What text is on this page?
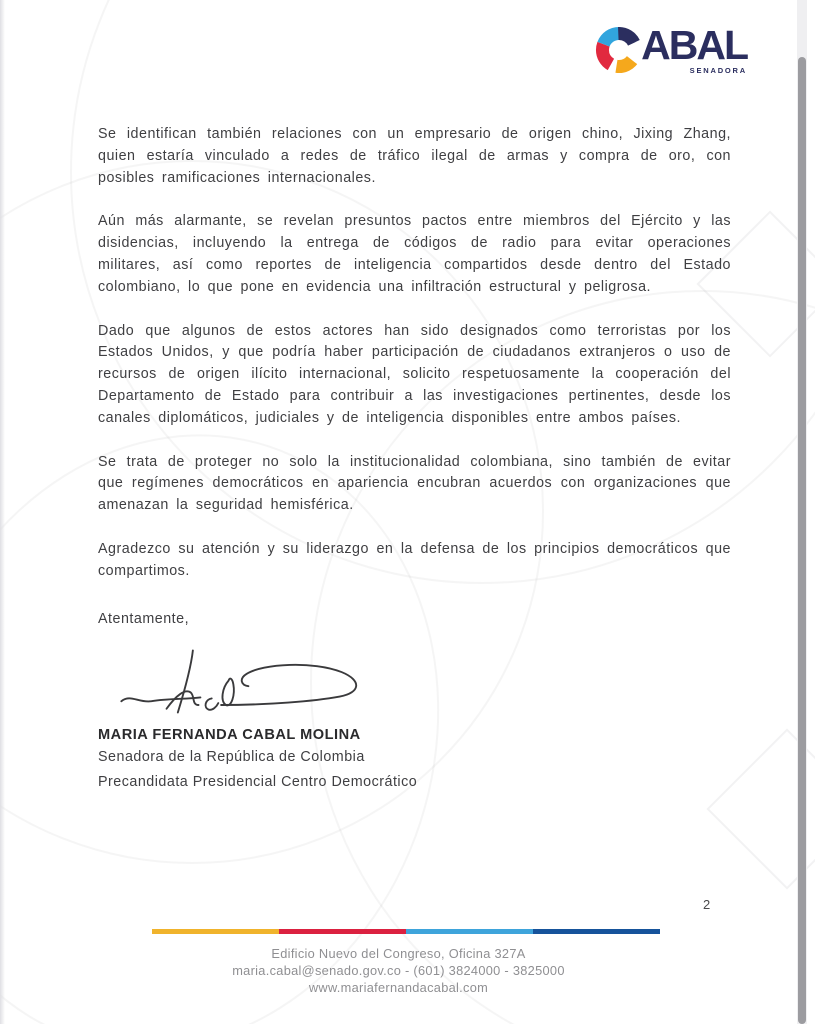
ABAL
SENADORA

Se identifican también relaciones con un empresario de origen chino, Jixing Zhang, quien estaría vinculado a redes de tráfico ilegal de armas y compra de oro, con posibles ramificaciones internacionales.

Aún más alarmante, se revelan presuntos pactos entre miembros del Ejército y las disidencias, incluyendo la entrega de códigos de radio para evitar operaciones militares, así como reportes de inteligencia compartidos desde dentro del Estado colombiano, lo que pone en evidencia una infiltración estructural y peligrosa.

Dado que algunos de estos actores han sido designados como terroristas por los Estados Unidos, y que podría haber participación de ciudadanos extranjeros o uso de recursos de origen ilícito internacional, solicito respetuosamente la cooperación del Departamento de Estado para contribuir a las investigaciones pertinentes, desde los canales diplomáticos, judiciales y de inteligencia disponibles entre ambos países.

Se trata de proteger no solo la institucionalidad colombiana, sino también de evitar que regímenes democráticos en apariencia encubran acuerdos con organizaciones que amenazan la seguridad hemisférica.

Agradezco su atención y su liderazgo en la defensa de los principios democráticos que compartimos.

Atentamente,
MARIA FERNANDA CABAL MOLINA
Senadora de la República de Colombia
Precandidata Presidencial Centro Democrático
2
Edificio Nuevo del Congreso, Oficina 327A
maria.cabal@senado.gov.co - (601) 3824000 - 3825000
www.mariafernandacabal.com
